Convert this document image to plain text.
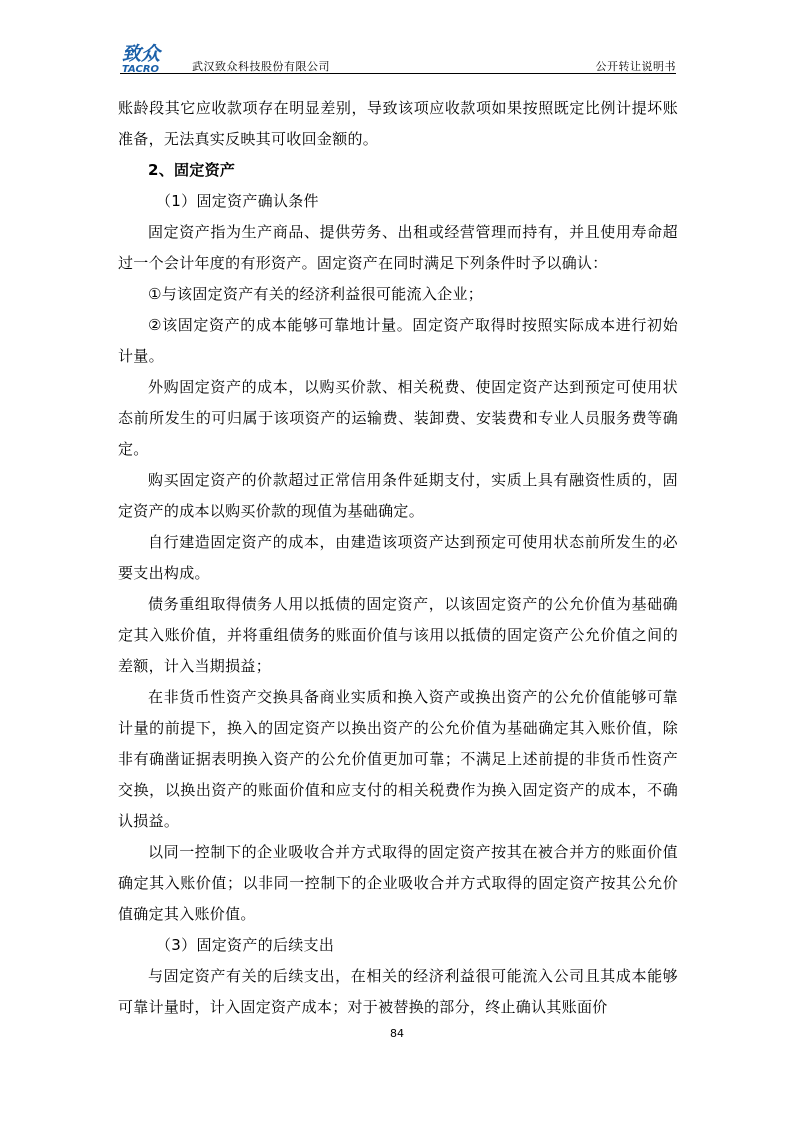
致众
TACRO	武汉致众科技股份有限公司	公开转让说明书

账龄段其它应收款项存在明显差别，导致该项应收款项如果按照既定比例计提坏账准备，无法真实反映其可收回金额的。

2、固定资产

（1）固定资产确认条件

固定资产指为生产商品、提供劳务、出租或经营管理而持有，并且使用寿命超过一个会计年度的有形资产。固定资产在同时满足下列条件时予以确认：

①与该固定资产有关的经济利益很可能流入企业；

②该固定资产的成本能够可靠地计量。固定资产取得时按照实际成本进行初始计量。

外购固定资产的成本，以购买价款、相关税费、使固定资产达到预定可使用状态前所发生的可归属于该项资产的运输费、装卸费、安装费和专业人员服务费等确定。

购买固定资产的价款超过正常信用条件延期支付，实质上具有融资性质的，固定资产的成本以购买价款的现值为基础确定。

自行建造固定资产的成本，由建造该项资产达到预定可使用状态前所发生的必要支出构成。

债务重组取得债务人用以抵债的固定资产，以该固定资产的公允价值为基础确定其入账价值，并将重组债务的账面价值与该用以抵债的固定资产公允价值之间的差额，计入当期损益；

在非货币性资产交换具备商业实质和换入资产或换出资产的公允价值能够可靠计量的前提下，换入的固定资产以换出资产的公允价值为基础确定其入账价值，除非有确凿证据表明换入资产的公允价值更加可靠；不满足上述前提的非货币性资产交换，以换出资产的账面价值和应支付的相关税费作为换入固定资产的成本，不确认损益。

以同一控制下的企业吸收合并方式取得的固定资产按其在被合并方的账面价值确定其入账价值；以非同一控制下的企业吸收合并方式取得的固定资产按其公允价值确定其入账价值。

（3）固定资产的后续支出

与固定资产有关的后续支出，在相关的经济利益很可能流入公司且其成本能够可靠计量时，计入固定资产成本；对于被替换的部分，终止确认其账面价

84
